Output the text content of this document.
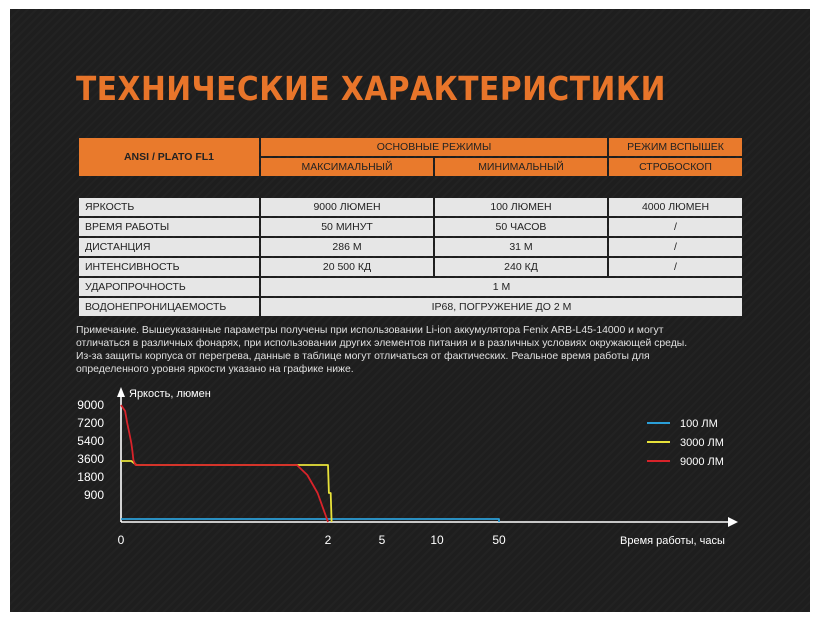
ТЕХНИЧЕСКИЕ ХАРАКТЕРИСТИКИ
ANSI / PLATO FL1	ОСНОВНЫЕ РЕЖИМЫ		РЕЖИМ ВСПЫШЕК
	МАКСИМАЛЬНЫЙ	МИНИМАЛЬНЫЙ	СТРОБОСКОП

ЯРКОСТЬ	9000 ЛЮМЕН	100 ЛЮМЕН	4000 ЛЮМЕН
ВРЕМЯ РАБОТЫ	50 МИНУТ	50 ЧАСОВ	/
ДИСТАНЦИЯ	286 М	31 М	/
ИНТЕНСИВНОСТЬ	20 500 КД	240 КД	/
УДАРОПРОЧНОСТЬ	1 М		
ВОДОНЕПРОНИЦАЕМОСТЬ	IP68, ПОГРУЖЕНИЕ ДО 2 М		

Примечание. Вышеуказанные параметры получены при использовании Li-ion аккумулятора Fenix ARB-L45-14000 и могут
отличаться в различных фонарях, при использовании других элементов питания и в различных условиях окружающей среды.
Из-за защиты корпуса от перегрева, данные в таблице могут отличаться от фактических. Реальное время работы для
определенного уровня яркости указано на графике ниже.

Яркость, люмен
Время работы, часы
9000
7200
5400
3600
1800
900
0	2	5	10	50
100 ЛМ
3000 ЛМ
9000 ЛМ
